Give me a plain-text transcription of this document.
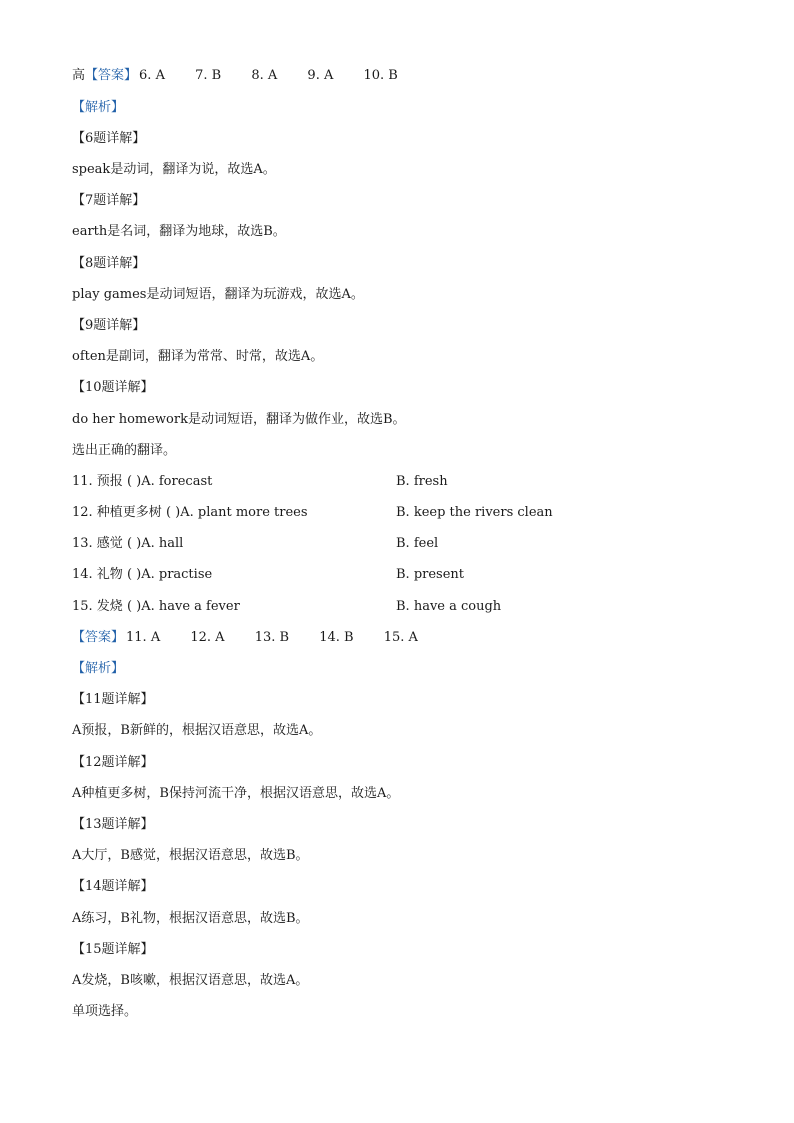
高【答案】 6. A 7. B 8. A 9. A 10. B
【解析】
【6题详解】
speak是动词，翻译为说，故选A。
【7题详解】
earth是名词，翻译为地球，故选B。
【8题详解】
play games是动词短语，翻译为玩游戏，故选A。
【9题详解】
often是副词，翻译为常常、时常，故选A。
【10题详解】
do her homework是动词短语，翻译为做作业，故选B。
选出正确的翻译。
11. 预报 ( )A. forecast	B. fresh
12. 种植更多树 ( )A. plant more trees	B. keep the rivers clean
13. 感觉 ( )A. hall	B. feel
14. 礼物 ( )A. practise	B. present
15. 发烧 ( )A. have a fever	B. have a cough
【答案】 11. A 12. A 13. B 14. B 15. A
【解析】
【11题详解】
A预报，B新鲜的，根据汉语意思，故选A。
【12题详解】
A种植更多树，B保持河流干净，根据汉语意思，故选A。
【13题详解】
A大厅，B感觉，根据汉语意思，故选B。
【14题详解】
A练习，B礼物，根据汉语意思，故选B。
【15题详解】
A发烧，B咳嗽，根据汉语意思，故选A。
单项选择。
